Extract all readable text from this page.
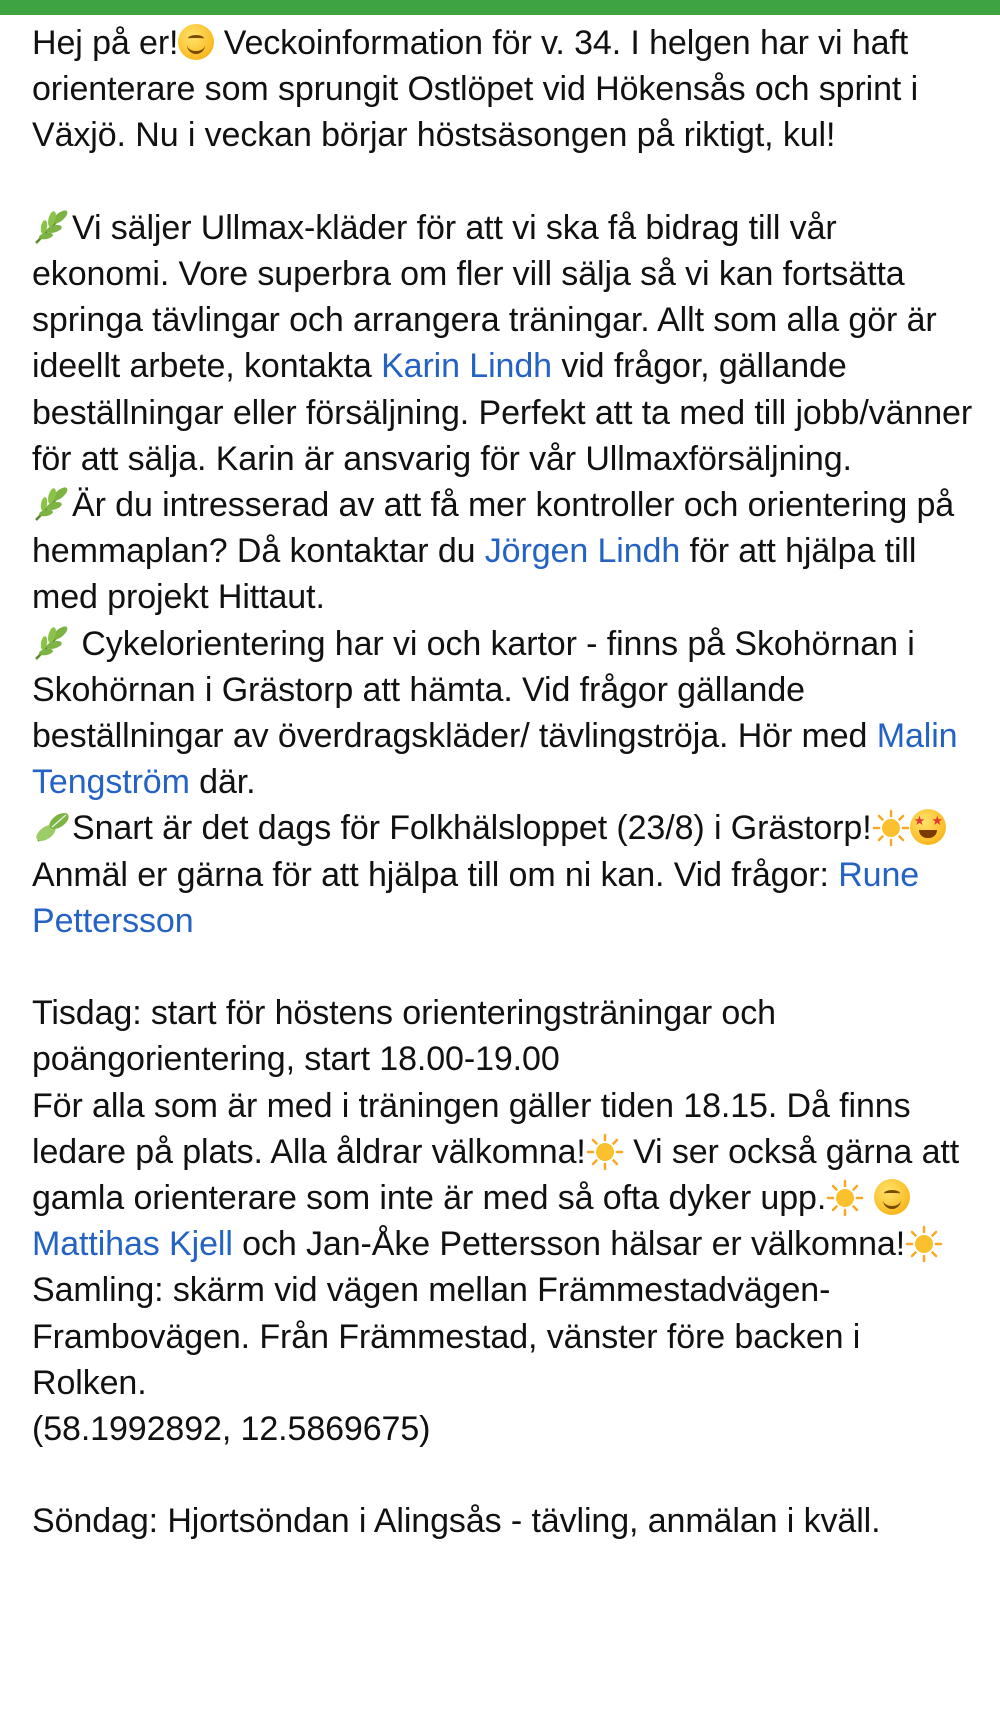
Hej på er! Veckoinformation för v. 34. I helgen har vi haft orienterare som sprungit Ostlöpet vid Hökensås och sprint i Växjö. Nu i veckan börjar höstsäsongen på riktigt, kul!

Vi säljer Ullmax-kläder för att vi ska få bidrag till vår ekonomi. Vore superbra om fler vill sälja så vi kan fortsätta springa tävlingar och arrangera träningar. Allt som alla gör är ideellt arbete, kontakta Karin Lindh vid frågor, gällande beställningar eller försäljning. Perfekt att ta med till jobb/vänner för att sälja. Karin är ansvarig för vår Ullmaxförsäljning.

Är du intresserad av att få mer kontroller och orientering på hemmaplan? Då kontaktar du Jörgen Lindh för att hjälpa till med projekt Hittaut.

Cykelorientering har vi och kartor - finns på Skohörnan i Skohörnan i Grästorp att hämta. Vid frågor gällande beställningar av överdragskläder/ tävlingströja. Hör med Malin Tengström där.

Snart är det dags för Folkhälsloppet (23/8) i Grästorp!★ ★ Anmäl er gärna för att hjälpa till om ni kan. Vid frågor: Rune Pettersson

Tisdag: start för höstens orienteringsträningar och poängorientering, start 18.00-19.00

För alla som är med i träningen gäller tiden 18.15. Då finns ledare på plats. Alla åldrar välkomna! Vi ser också gärna att gamla orienterare som inte är med så ofta dyker upp.  Mattihas Kjell och Jan-Åke Pettersson hälsar er välkomna!

Samling: skärm vid vägen mellan Främmestadvägen-Frambovägen. Från Främmestad, vänster före backen i Rolken.

(58.1992892, 12.5869675)

Söndag: Hjortsöndan i Alingsås - tävling, anmälan i kväll.
